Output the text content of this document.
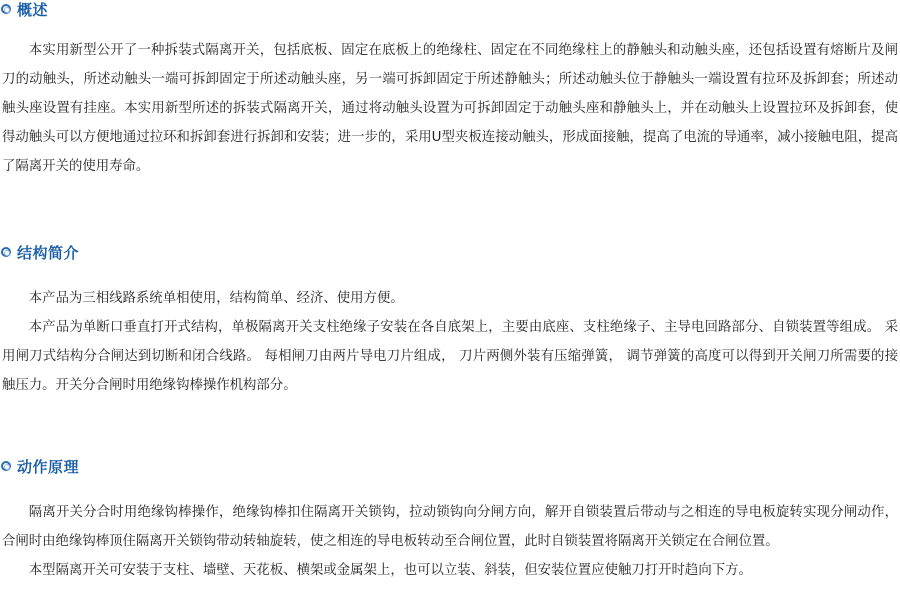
概述

本实用新型公开了一种拆装式隔离开关，包括底板、固定在底板上的绝缘柱、固定在不同绝缘柱上的静触头和动触头座，还包括设置有熔断片及闸刀的动触头，所述动触头一端可拆卸固定于所述动触头座，另一端可拆卸固定于所述静触头；所述动触头位于静触头一端设置有拉环及拆卸套；所述动触头座设置有挂座。本实用新型所述的拆装式隔离开关，通过将动触头设置为可拆卸固定于动触头座和静触头上，并在动触头上设置拉环及拆卸套，使得动触头可以方便地通过拉环和拆卸套进行拆卸和安装；进一步的，采用U型夹板连接动触头，形成面接触，提高了电流的导通率，减小接触电阻，提高了隔离开关的使用寿命。

结构简介

本产品为三相线路系统单相使用，结构简单、经济、使用方便。

本产品为单断口垂直打开式结构，单极隔离开关支柱绝缘子安装在各自底架上，主要由底座、支柱绝缘子、主导电回路部分、自锁装置等组成。 采用闸刀式结构分合闸达到切断和闭合线路。 每相闸刀由两片导电刀片组成， 刀片两侧外装有压缩弹簧， 调节弹簧的高度可以得到开关闸刀所需要的接触压力。开关分合闸时用绝缘钩棒操作机构部分。

动作原理

隔离开关分合时用绝缘钩棒操作，绝缘钩棒扣住隔离开关锁钩，拉动锁钩向分闸方向，解开自锁装置后带动与之相连的导电板旋转实现分闸动作，合闸时由绝缘钩棒顶住隔离开关锁钩带动转轴旋转，使之相连的导电板转动至合闸位置，此时自锁装置将隔离开关锁定在合闸位置。

本型隔离开关可安装于支柱、墙壁、天花板、横架或金属架上，也可以立装、斜装，但安装位置应使触刀打开时趋向下方。
